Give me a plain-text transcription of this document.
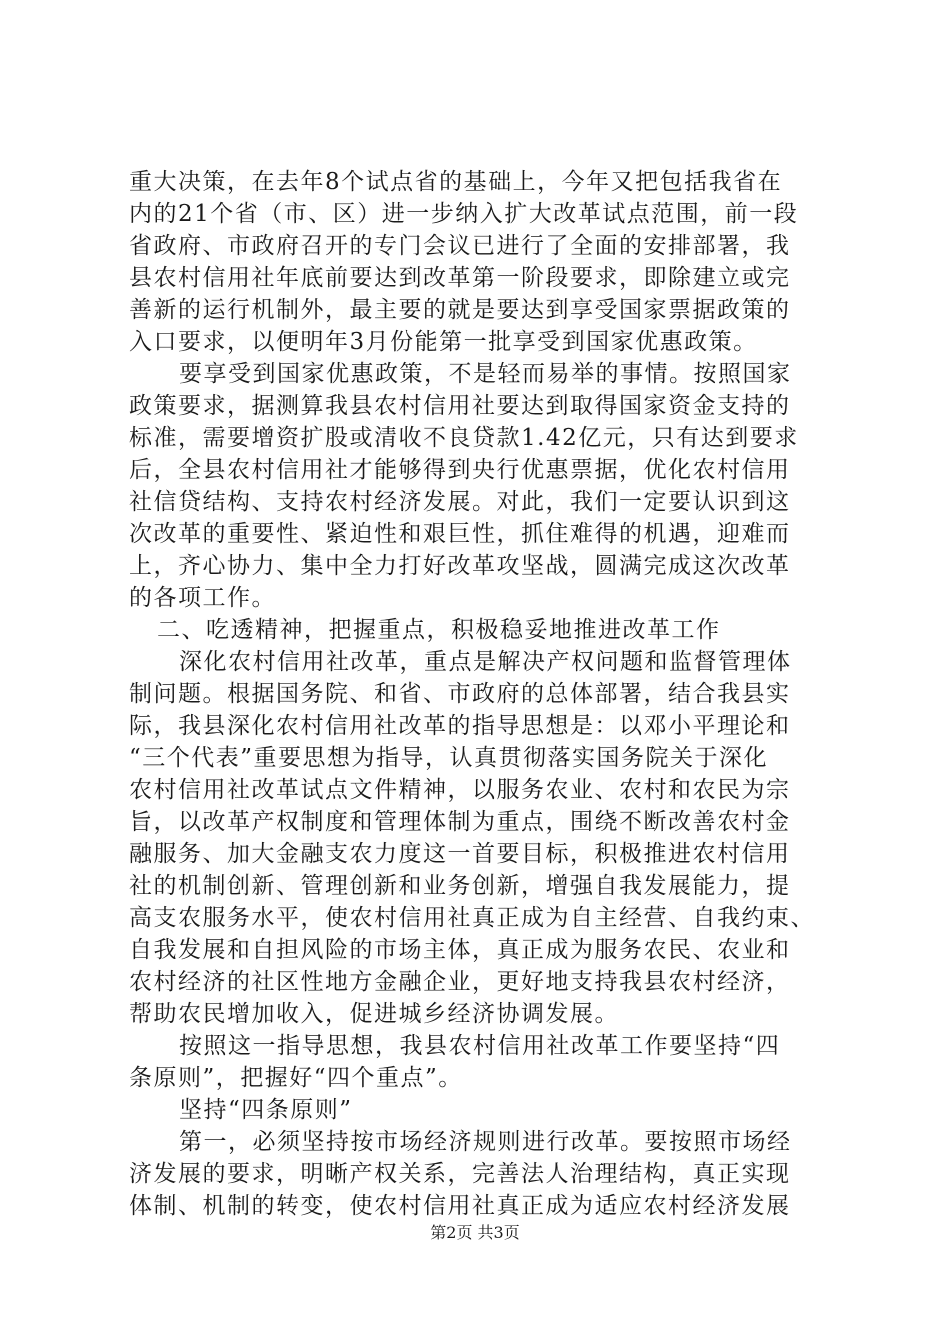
重大决策，在去年8个试点省的基础上，今年又把包括我省在
内的21个省（市、区）进一步纳入扩大改革试点范围，前一段
省政府、市政府召开的专门会议已进行了全面的安排部署，我
县农村信用社年底前要达到改革第一阶段要求，即除建立或完
善新的运行机制外，最主要的就是要达到享受国家票据政策的
入口要求，以便明年3月份能第一批享受到国家优惠政策。
要享受到国家优惠政策，不是轻而易举的事情。按照国家
政策要求，据测算我县农村信用社要达到取得国家资金支持的
标准，需要增资扩股或清收不良贷款1.42亿元，只有达到要求
后，全县农村信用社才能够得到央行优惠票据，优化农村信用
社信贷结构、支持农村经济发展。对此，我们一定要认识到这
次改革的重要性、紧迫性和艰巨性，抓住难得的机遇，迎难而
上，齐心协力、集中全力打好改革攻坚战，圆满完成这次改革
的各项工作。
二、吃透精神，把握重点，积极稳妥地推进改革工作
深化农村信用社改革，重点是解决产权问题和监督管理体
制问题。根据国务院、和省、市政府的总体部署，结合我县实
际，我县深化农村信用社改革的指导思想是：以邓小平理论和
“三个代表”重要思想为指导，认真贯彻落实国务院关于深化
农村信用社改革试点文件精神，以服务农业、农村和农民为宗
旨，以改革产权制度和管理体制为重点，围绕不断改善农村金
融服务、加大金融支农力度这一首要目标，积极推进农村信用
社的机制创新、管理创新和业务创新，增强自我发展能力，提
高支农服务水平，使农村信用社真正成为自主经营、自我约束、
自我发展和自担风险的市场主体，真正成为服务农民、农业和
农村经济的社区性地方金融企业，更好地支持我县农村经济，
帮助农民增加收入，促进城乡经济协调发展。
按照这一指导思想，我县农村信用社改革工作要坚持“四
条原则”，把握好“四个重点”。
坚持“四条原则”
第一，必须坚持按市场经济规则进行改革。要按照市场经
济发展的要求，明晰产权关系，完善法人治理结构，真正实现
体制、机制的转变，使农村信用社真正成为适应农村经济发展
第2页 共3页
